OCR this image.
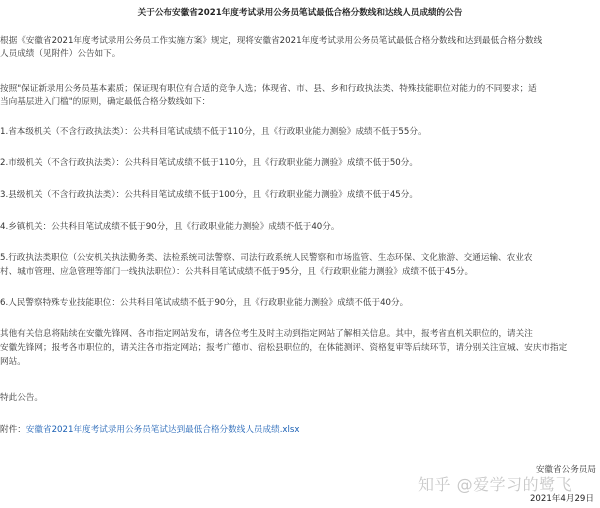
关于公布安徽省2021年度考试录用公务员笔试最低合格分数线和达线人员成绩的公告
根据《安徽省2021年度考试录用公务员工作实施方案》规定，现将安徽省2021年度考试录用公务员笔试最低合格分数线和达到最低合格分数线
人员成绩（见附件）公告如下。
按照"保证新录用公务员基本素质；保证现有职位有合适的竞争人选；体现省、市、县、乡和行政执法类、特殊技能职位对能力的不同要求；适
当向基层进入门槛"的原则，确定最低合格分数线如下：
1.省本级机关（不含行政执法类）：公共科目笔试成绩不低于110分，且《行政职业能力测验》成绩不低于55分。
2.市级机关（不含行政执法类）：公共科目笔试成绩不低于110分，且《行政职业能力测验》成绩不低于50分。
3.县级机关（不含行政执法类）：公共科目笔试成绩不低于100分，且《行政职业能力测验》成绩不低于45分。
4.乡镇机关：公共科目笔试成绩不低于90分，且《行政职业能力测验》成绩不低于40分。
5.行政执法类职位（公安机关执法勤务类、法检系统司法警察、司法行政系统人民警察和市场监管、生态环保、文化旅游、交通运输、农业农
村、城市管理、应急管理等部门一线执法职位）：公共科目笔试成绩不低于95分，且《行政职业能力测验》成绩不低于45分。
6.人民警察特殊专业技能职位：公共科目笔试成绩不低于90分，且《行政职业能力测验》成绩不低于40分。
其他有关信息将陆续在安徽先锋网、各市指定网站发布，请各位考生及时主动到指定网站了解相关信息。其中，报考省直机关职位的，请关注
安徽先锋网；报考各市职位的，请关注各市指定网站；报考广德市、宿松县职位的，在体能测评、资格复审等后续环节，请分别关注宣城、安庆市指定
网站。
特此公告。
附件：安徽省2021年度考试录用公务员笔试达到最低合格分数线人员成绩.xlsx
安徽省公务员局
知乎 @爱学习的鹭飞
2021年4月29日
